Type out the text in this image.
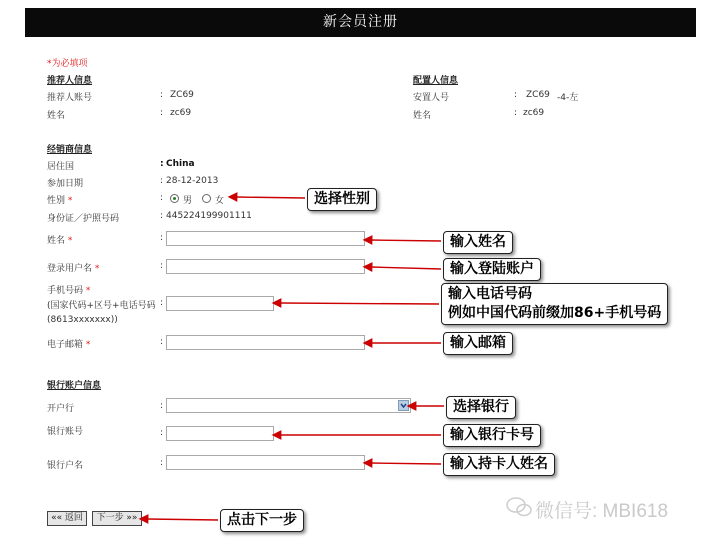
新会员注册
*为必填项
推荐人信息
推荐人账号	: ZC69
姓名	: zc69
配置人信息
安置人号	: ZC69 -4-左
姓名	: zc69
经销商信息
居住国	: China
参加日期	: 28-12-2013
性别 *	: 男	女
身份证／护照号码	: 445224199901111
姓名 *	:
登录用户名 *	:
手机号码 *
(国家代码+区号+电话号码
(8613xxxxxxx))
:
电子邮箱 *	:
银行账户信息
开户行	:
银行账号	:
银行户名	:
«« 返回	下一步 »»
选择性别
输入姓名
输入登陆账户
输入电话号码
例如中国代码前缀加86+手机号码
输入邮箱
选择银行
输入银行卡号
输入持卡人姓名
点击下一步	微信号: MBI618
